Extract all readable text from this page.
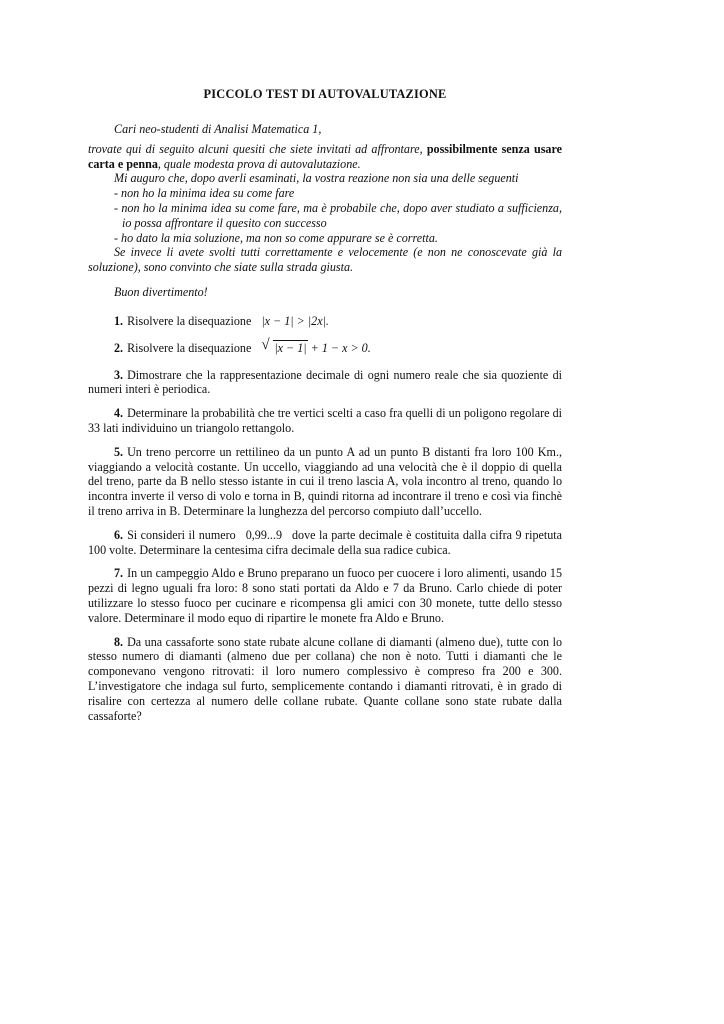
PICCOLO TEST DI AUTOVALUTAZIONE

Cari neo-studenti di Analisi Matematica 1,

trovate qui di seguito alcuni quesiti che siete invitati ad affrontare, possibilmente senza usare carta e penna, quale modesta prova di autovalutazione.

Mi auguro che, dopo averli esaminati, la vostra reazione non sia una delle seguenti

- non ho la minima idea su come fare

- non ho la minima idea su come fare, ma è probabile che, dopo aver studiato a sufficienza, io possa affrontare il quesito con successo

- ho dato la mia soluzione, ma non so come appurare se è corretta.

Se invece li avete svolti tutti correttamente e velocemente (e non ne conoscevate già la soluzione), sono convinto che siate sulla strada giusta.

Buon divertimento!

1. Risolvere la disequazione |x − 1| > |2x|.

2. Risolvere la disequazione √ |x − 1| + 1 − x > 0.

3. Dimostrare che la rappresentazione decimale di ogni numero reale che sia quoziente di numeri interi è periodica.

4. Determinare la probabilità che tre vertici scelti a caso fra quelli di un poligono regolare di 33 lati individuino un triangolo rettangolo.

5. Un treno percorre un rettilineo da un punto A ad un punto B distanti fra loro 100 Km., viaggiando a velocità costante. Un uccello, viaggiando ad una velocità che è il doppio di quella del treno, parte da B nello stesso istante in cui il treno lascia A, vola incontro al treno, quando lo incontra inverte il verso di volo e torna in B, quindi ritorna ad incontrare il treno e così via finchè il treno arriva in B. Determinare la lunghezza del percorso compiuto dall’uccello.

6. Si consideri il numero 0,99...9 dove la parte decimale è costituita dalla cifra 9 ripetuta 100 volte. Determinare la centesima cifra decimale della sua radice cubica.

7. In un campeggio Aldo e Bruno preparano un fuoco per cuocere i loro alimenti, usando 15 pezzi di legno uguali fra loro: 8 sono stati portati da Aldo e 7 da Bruno. Carlo chiede di poter utilizzare lo stesso fuoco per cucinare e ricompensa gli amici con 30 monete, tutte dello stesso valore. Determinare il modo equo di ripartire le monete fra Aldo e Bruno.

8. Da una cassaforte sono state rubate alcune collane di diamanti (almeno due), tutte con lo stesso numero di diamanti (almeno due per collana) che non è noto. Tutti i diamanti che le componevano vengono ritrovati: il loro numero complessivo è compreso fra 200 e 300. L’investigatore che indaga sul furto, semplicemente contando i diamanti ritrovati, è in grado di risalire con certezza al numero delle collane rubate. Quante collane sono state rubate dalla cassaforte?
